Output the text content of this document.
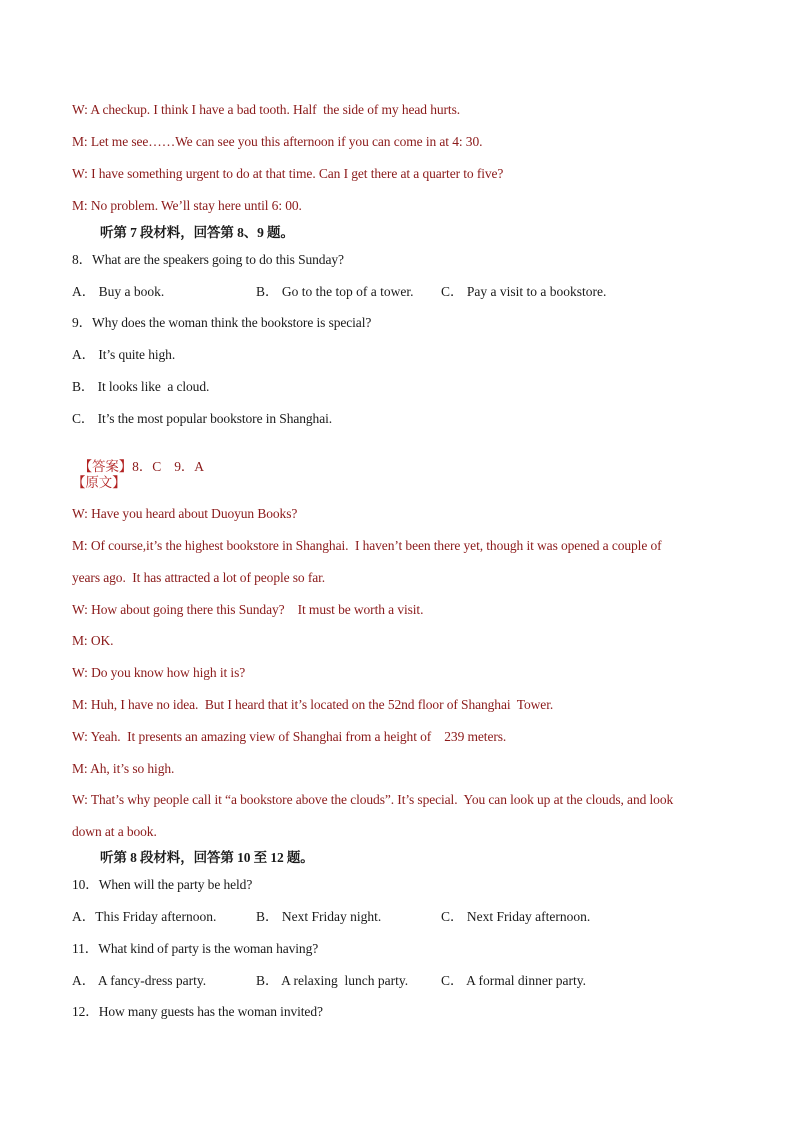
W: A checkup. I think I have a bad tooth. Half  the side of my head hurts.
M: Let me see……We can see you this afternoon if you can come in at 4: 30.
W: I have something urgent to do at that time. Can I get there at a quarter to five?
M: No problem. We’ll stay here until 6: 00.
听第 7 段材料，回答第 8、9 题。
8．What are the speakers going to do this Sunday?
A． Buy a book.	B． Go to the top of a tower. C． Pay a visit to a bookstore.
9．Why does the woman think the bookstore is special?
A． It’s quite high.
B． It looks like  a cloud.
C． It’s the most popular bookstore in Shanghai.

【答案】8．C    9．A

【原文】
W: Have you heard about Duoyun Books?
M: Of course,it’s the highest bookstore in Shanghai.  I haven’t been there yet, though it was opened a couple of
years ago.  It has attracted a lot of people so far.
W: How about going there this Sunday?    It must be worth a visit.
M: OK.
W: Do you know how high it is?
M: Huh, I have no idea.  But I heard that it’s located on the 52nd floor of Shanghai  Tower.
W: Yeah.  It presents an amazing view of Shanghai from a height of    239 meters.
M: Ah, it’s so high.
W: That’s why people call it “a bookstore above the clouds”. It’s special.  You can look up at the clouds, and look
down at a book.
听第 8 段材料，回答第 10 至 12 题。
10．When will the party be held?
A．This Friday afternoon.	B． Next Friday night.	C． Next Friday afternoon.
11．What kind of party is the woman having?
A． A fancy-dress party.	B． A relaxing  lunch party. C． A formal dinner party.
12．How many guests has the woman invited?
